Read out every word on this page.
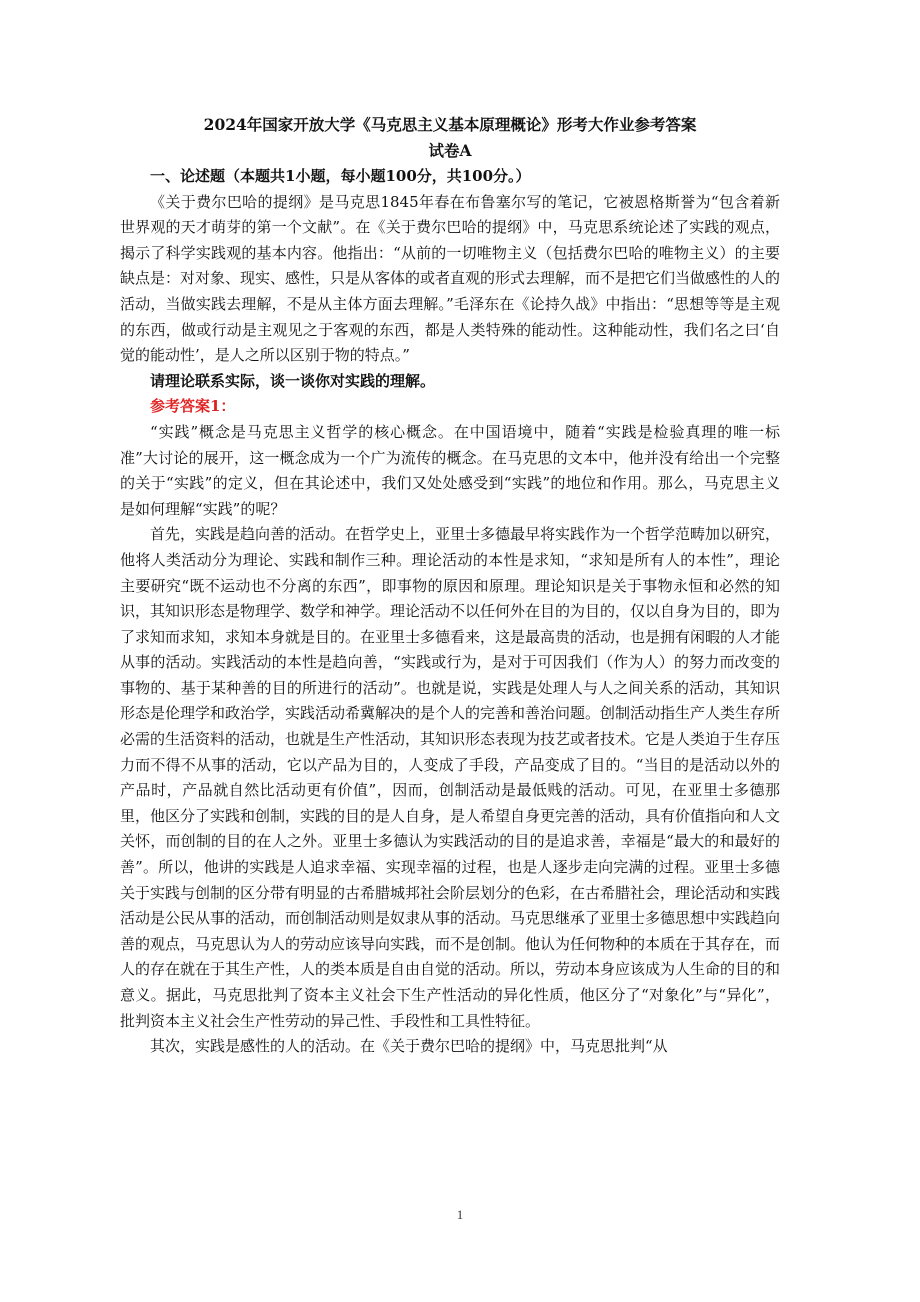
2024年国家开放大学《马克思主义基本原理概论》形考大作业参考答案

试卷A

一、论述题（本题共1小题，每小题100分，共100分。）

《关于费尔巴哈的提纲》是马克思1845年春在布鲁塞尔写的笔记，它被恩格斯誉为“包含着新世界观的天才萌芽的第一个文献”。在《关于费尔巴哈的提纲》中，马克思系统论述了实践的观点，揭示了科学实践观的基本内容。他指出：“从前的一切唯物主义（包括费尔巴哈的唯物主义）的主要缺点是：对对象、现实、感性，只是从客体的或者直观的形式去理解，而不是把它们当做感性的人的活动，当做实践去理解，不是从主体方面去理解。”毛泽东在《论持久战》中指出：“思想等等是主观的东西，做或行动是主观见之于客观的东西，都是人类特殊的能动性。这种能动性，我们名之曰‘自觉的能动性’，是人之所以区别于物的特点。”

请理论联系实际，谈一谈你对实践的理解。

参考答案1：

“实践”概念是马克思主义哲学的核心概念。在中国语境中，随着“实践是检验真理的唯一标准”大讨论的展开，这一概念成为一个广为流传的概念。在马克思的文本中，他并没有给出一个完整的关于“实践”的定义，但在其论述中，我们又处处感受到“实践”的地位和作用。那么，马克思主义是如何理解“实践”的呢？

首先，实践是趋向善的活动。在哲学史上，亚里士多德最早将实践作为一个哲学范畴加以研究，他将人类活动分为理论、实践和制作三种。理论活动的本性是求知，“求知是所有人的本性”，理论主要研究“既不运动也不分离的东西”，即事物的原因和原理。理论知识是关于事物永恒和必然的知识，其知识形态是物理学、数学和神学。理论活动不以任何外在目的为目的，仅以自身为目的，即为了求知而求知，求知本身就是目的。在亚里士多德看来，这是最高贵的活动，也是拥有闲暇的人才能从事的活动。实践活动的本性是趋向善，“实践或行为，是对于可因我们（作为人）的努力而改变的事物的、基于某种善的目的所进行的活动”。也就是说，实践是处理人与人之间关系的活动，其知识形态是伦理学和政治学，实践活动希冀解决的是个人的完善和善治问题。创制活动指生产人类生存所必需的生活资料的活动，也就是生产性活动，其知识形态表现为技艺或者技术。它是人类迫于生存压力而不得不从事的活动，它以产品为目的，人变成了手段，产品变成了目的。“当目的是活动以外的产品时，产品就自然比活动更有价值”，因而，创制活动是最低贱的活动。可见，在亚里士多德那里，他区分了实践和创制，实践的目的是人自身，是人希望自身更完善的活动，具有价值指向和人文关怀，而创制的目的在人之外。亚里士多德认为实践活动的目的是追求善，幸福是“最大的和最好的善”。所以，他讲的实践是人追求幸福、实现幸福的过程，也是人逐步走向完满的过程。亚里士多德关于实践与创制的区分带有明显的古希腊城邦社会阶层划分的色彩，在古希腊社会，理论活动和实践活动是公民从事的活动，而创制活动则是奴隶从事的活动。马克思继承了亚里士多德思想中实践趋向善的观点，马克思认为人的劳动应该导向实践，而不是创制。他认为任何物种的本质在于其存在，而人的存在就在于其生产性，人的类本质是自由自觉的活动。所以，劳动本身应该成为人生命的目的和意义。据此，马克思批判了资本主义社会下生产性活动的异化性质，他区分了“对象化”与“异化”，批判资本主义社会生产性劳动的异己性、手段性和工具性特征。

其次，实践是感性的人的活动。在《关于费尔巴哈的提纲》中，马克思批判“从

1
